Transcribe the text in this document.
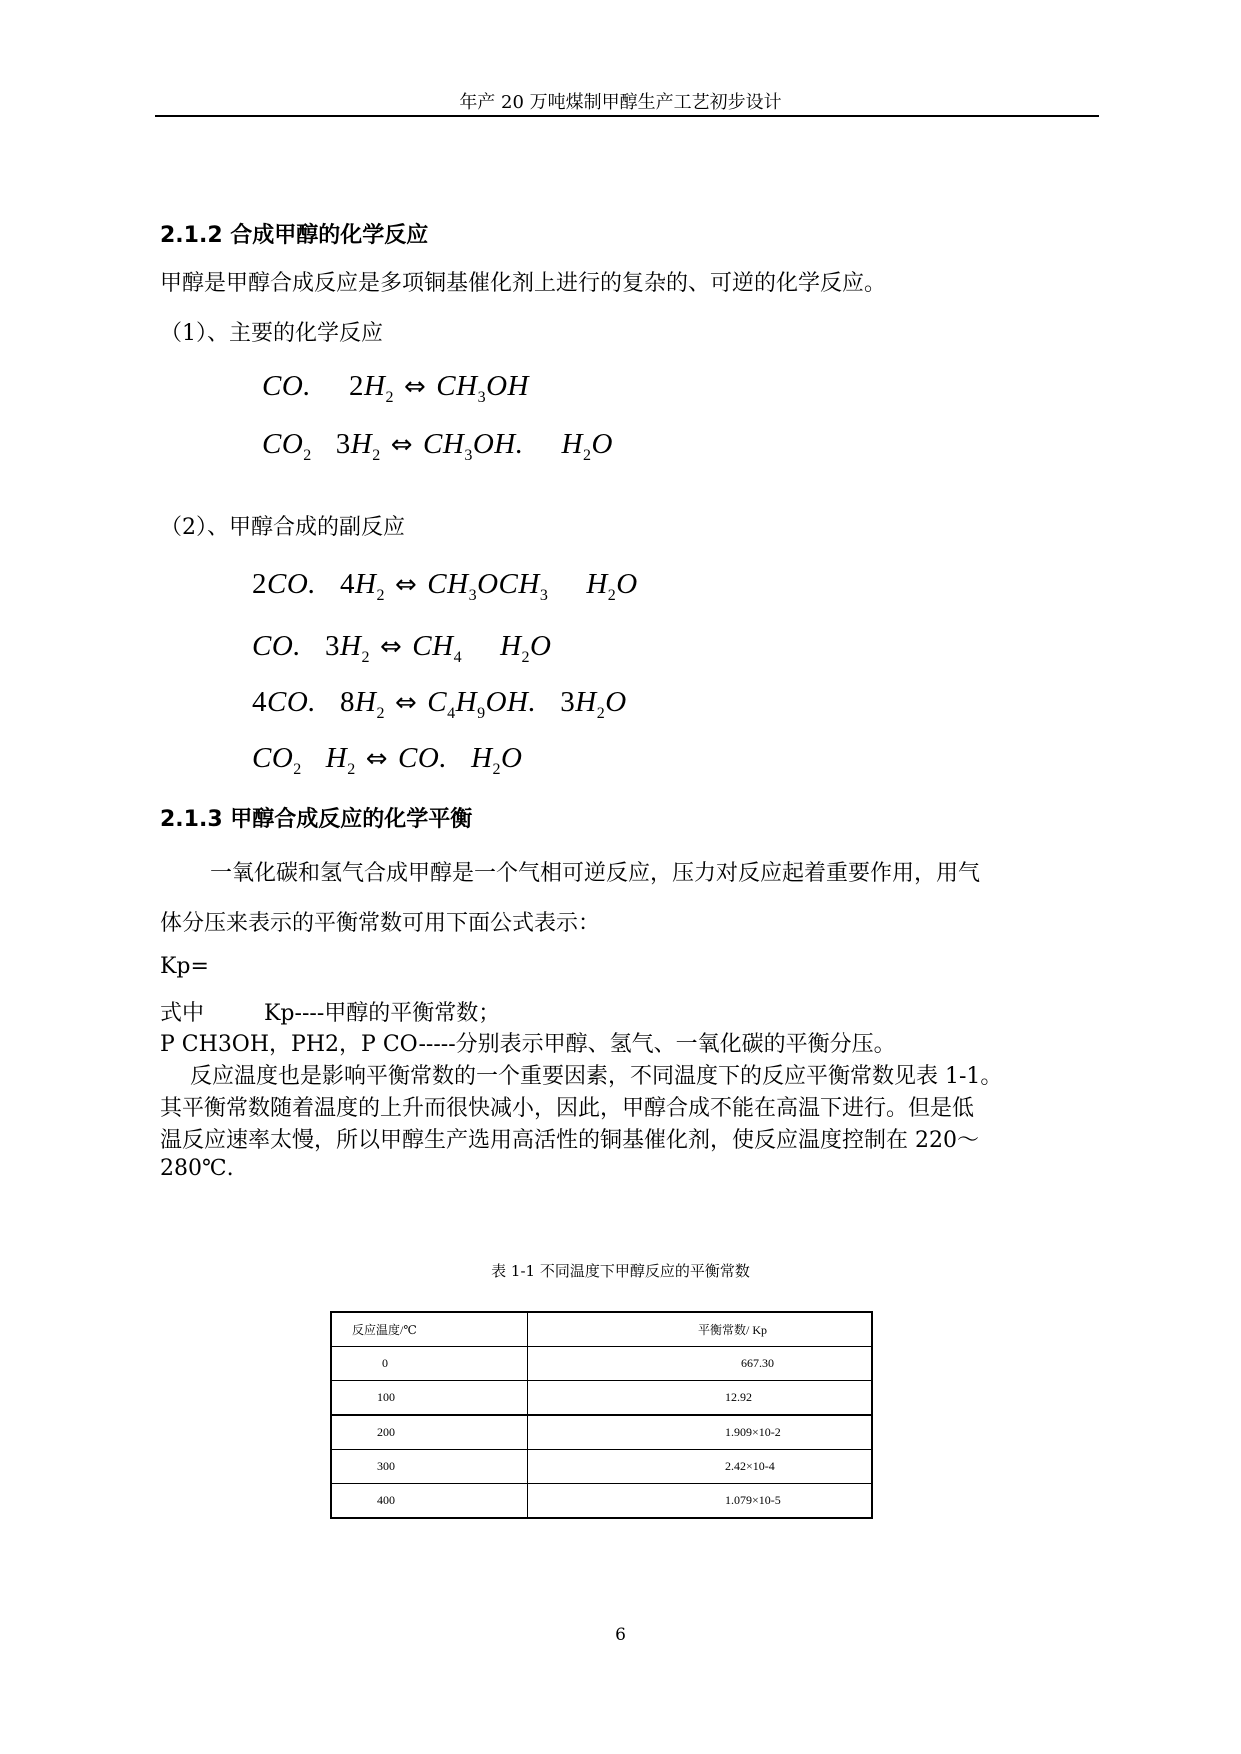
年产 20 万吨煤制甲醇生产工艺初步设计
2.1.2 合成甲醇的化学反应
甲醇是甲醇合成反应是多项铜基催化剂上进行的复杂的、可逆的化学反应。
（1）、主要的化学反应
CO. $2H_2$ ⇔ $CH_3OH$
$CO_2$ $3H_2$ ⇔ $CH_3OH$. $H_2O$
（2）、甲醇合成的副反应
2CO. $4H_2$ ⇔ $CH_3OCH_3$ $H_2O$
CO. $3H_2$ ⇔ $CH_4$ $H_2O$
4CO. $8H_2$ ⇔ $C_4H_9OH$. $3H_2O$
$CO_2$ $H_2$ ⇔ CO. $H_2O$
2.1.3 甲醇合成反应的化学平衡
一氧化碳和氢气合成甲醇是一个气相可逆反应，压力对反应起着重要作用，用气
体分压来表示的平衡常数可用下面公式表示：
Kp=
式中	Kp----甲醇的平衡常数；
P CH3OH，PH2，P CO-----分别表示甲醇、氢气、一氧化碳的平衡分压。
反应温度也是影响平衡常数的一个重要因素，不同温度下的反应平衡常数见表 1-1。
其平衡常数随着温度的上升而很快减小，因此，甲醇合成不能在高温下进行。但是低
温反应速率太慢，所以甲醇生产选用高活性的铜基催化剂，使反应温度控制在 220～
280℃.
表 1-1 不同温度下甲醇反应的平衡常数
反应温度/℃	平衡常数/ Kp
0	667.30
100	12.92
200	1.909×10-2
300	2.42×10-4
400	1.079×10-5
6
